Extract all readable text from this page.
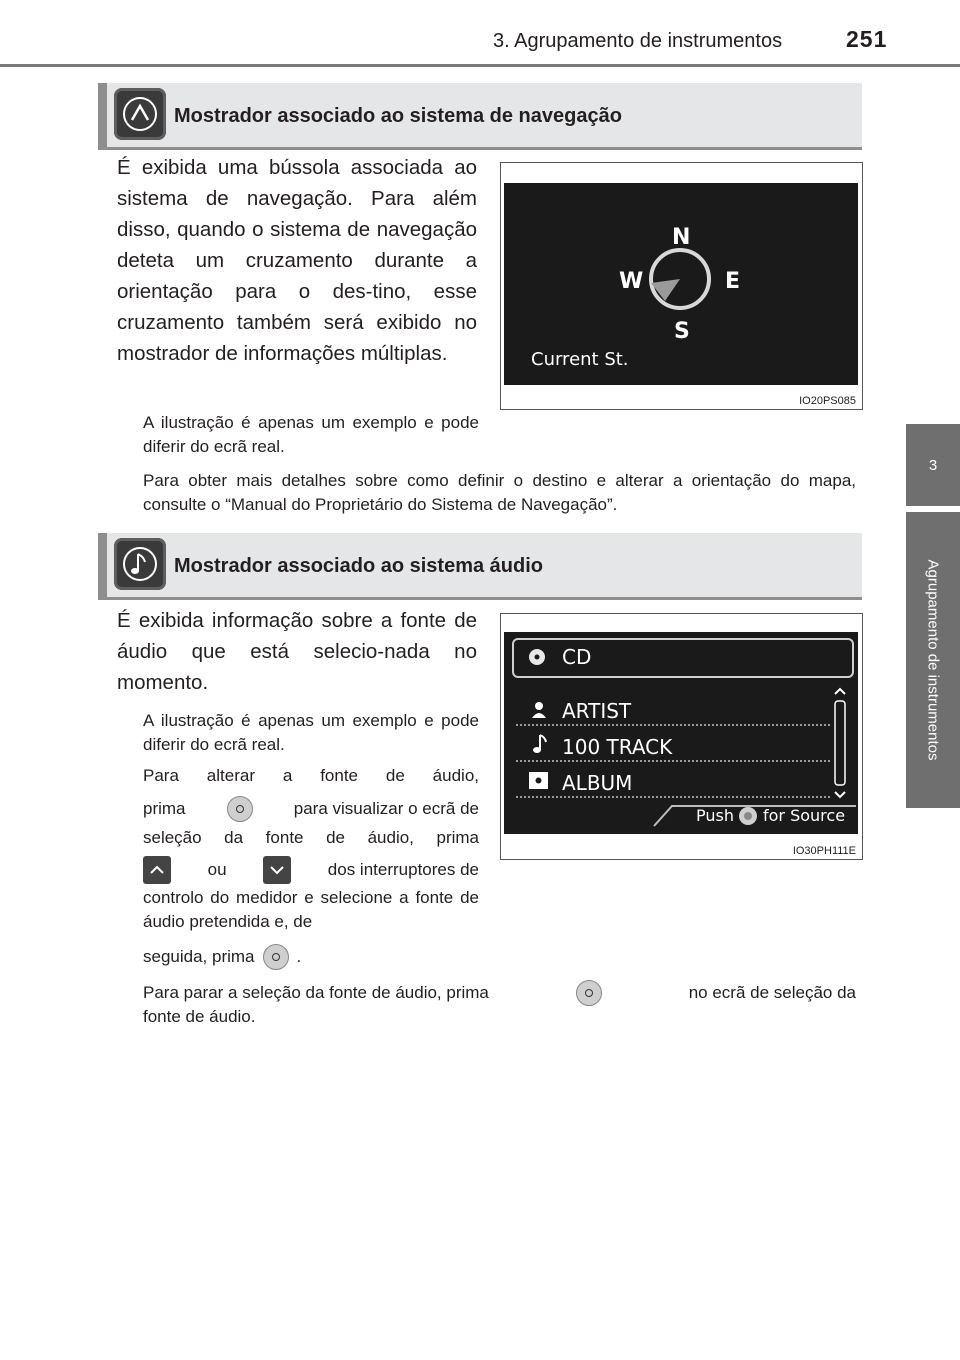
3. Agrupamento de instrumentos	251
3
Agrupamento de instrumentos
Mostrador associado ao sistema de navegação
É exibida uma bússola associada ao sistema de navegação. Para além disso, quando o sistema de navegação deteta um cruzamento durante a orientação para o des-tino, esse cruzamento também será exibido no mostrador de informações múltiplas.
A ilustração é apenas um exemplo e pode diferir do ecrã real.
Para obter mais detalhes sobre como definir o destino e alterar a orientação do mapa, consulte o “Manual do Proprietário do Sistema de Navegação”.
N
W	E
S
Current St.
IO20PS085
Mostrador associado ao sistema áudio
É exibida informação sobre a fonte de áudio que está selecio-nada no momento.
A ilustração é apenas um exemplo e pode diferir do ecrã real.
Para alterar a fonte de áudio,
prima	para visualizar o ecrã de
seleção da fonte de áudio, prima
ou	dos interruptores de
controlo do medidor e selecione a fonte de áudio pretendida e, de
seguida, prima .
Para parar a seleção da fonte de áudio, prima	no ecrã de seleção da
fonte de áudio.
CD
ARTIST
100 TRACK
ALBUM
Push for Source
IO30PH111E
